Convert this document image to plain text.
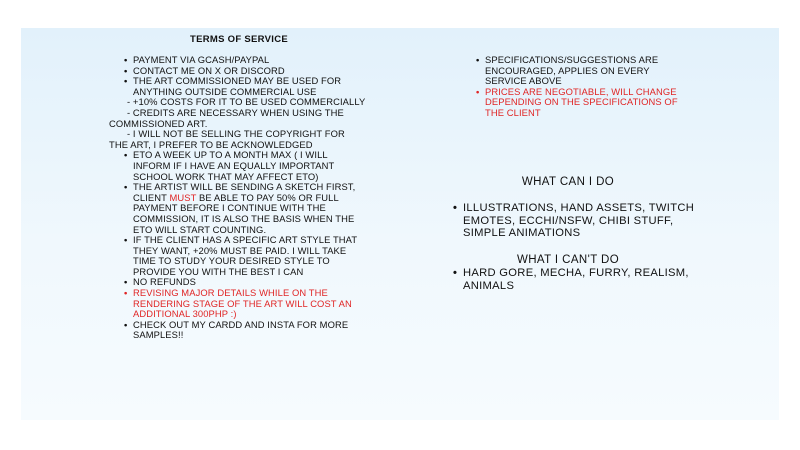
TERMS OF SERVICE
• PAYMENT VIA GCASH/PAYPAL
• CONTACT ME ON X OR DISCORD
• THE ART COMMISSIONED MAY BE USED FOR ANYTHING OUTSIDE COMMERCIAL USE
- +10% COSTS FOR IT TO BE USED COMMERCIALLY
- CREDITS ARE NECESSARY WHEN USING THE COMMISSIONED ART.
- I WILL NOT BE SELLING THE COPYRIGHT FOR THE ART, I PREFER TO BE ACKNOWLEDGED
• ETO A WEEK UP TO A MONTH MAX ( I WILL INFORM IF I HAVE AN EQUALLY IMPORTANT SCHOOL WORK THAT MAY AFFECT ETO)
• THE ARTIST WILL BE SENDING A SKETCH FIRST, CLIENT MUST BE ABLE TO PAY 50% OR FULL PAYMENT BEFORE I CONTINUE WITH THE COMMISSION, IT IS ALSO THE BASIS WHEN THE ETO WILL START COUNTING.
• IF THE CLIENT HAS A SPECIFIC ART STYLE THAT THEY WANT, +20% MUST BE PAID. I WILL TAKE TIME TO STUDY YOUR DESIRED STYLE TO PROVIDE YOU WITH THE BEST I CAN
• NO REFUNDS
• REVISING MAJOR DETAILS WHILE ON THE RENDERING STAGE OF THE ART WILL COST AN ADDITIONAL 300PHP :)
• CHECK OUT MY CARDD AND INSTA FOR MORE SAMPLES!!
• SPECIFICATIONS/SUGGESTIONS ARE ENCOURAGED, APPLIES ON EVERY SERVICE ABOVE
• PRICES ARE NEGOTIABLE, WILL CHANGE DEPENDING ON THE SPECIFICATIONS OF THE CLIENT
WHAT CAN I DO
• ILLUSTRATIONS, HAND ASSETS, TWITCH EMOTES, ECCHI/NSFW, CHIBI STUFF, SIMPLE ANIMATIONS
WHAT I CAN'T DO
• HARD GORE, MECHA, FURRY, REALISM, ANIMALS
